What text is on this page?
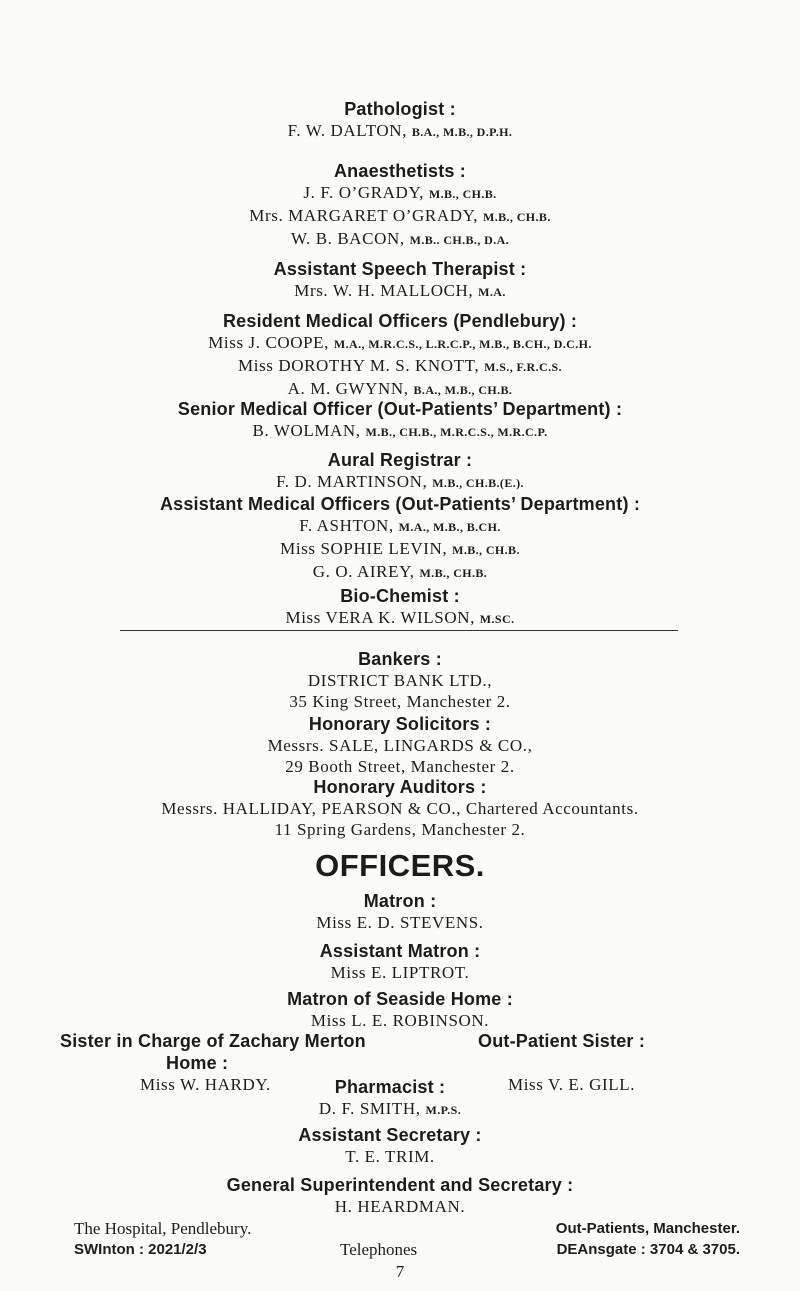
Pathologist :
F. W. DALTON, B.A., M.B., D.P.H.
Anaesthetists :
J. F. O’GRADY, M.B., CH.B.
Mrs. MARGARET O’GRADY, M.B., CH.B.
W. B. BACON, M.B.. CH.B., D.A.
Assistant Speech Therapist :
Mrs. W. H. MALLOCH, M.A.
Resident Medical Officers (Pendlebury) :
Miss J. COOPE, M.A., M.R.C.S., L.R.C.P., M.B., B.CH., D.C.H.
Miss DOROTHY M. S. KNOTT, M.S., F.R.C.S.
A. M. GWYNN, B.A., M.B., CH.B.
Senior Medical Officer (Out-Patients’ Department) :
B. WOLMAN, M.B., CH.B., M.R.C.S., M.R.C.P.
Aural Registrar :
F. D. MARTINSON, M.B., CH.B.(E.).
Assistant Medical Officers (Out-Patients’ Department) :
F. ASHTON, M.A., M.B., B.CH.
Miss SOPHIE LEVIN, M.B., CH.B.
G. O. AIREY, M.B., CH.B.
Bio-Chemist :
Miss VERA K. WILSON, M.SC.
Bankers :
DISTRICT BANK LTD.,
35 King Street, Manchester 2.
Honorary Solicitors :
Messrs. SALE, LINGARDS & CO.,
29 Booth Street, Manchester 2.
Honorary Auditors :
Messrs. HALLIDAY, PEARSON & CO., Chartered Accountants.
11 Spring Gardens, Manchester 2.
OFFICERS.
Matron :
Miss E. D. STEVENS.
Assistant Matron :
Miss E. LIPTROT.
Matron of Seaside Home :
Miss L. E. ROBINSON.
Sister in Charge of Zachary Merton
Home :
Miss W. HARDY.
Out-Patient Sister :
Miss V. E. GILL.
Pharmacist :
D. F. SMITH, M.P.S.
Assistant Secretary :
T. E. TRIM.
7
General Superintendent and Secretary :
H. HEARDMAN.
The Hospital, Pendlebury.
SWInton : 2021/2/3	Telephones
Out-Patients, Manchester.
DEAnsgate : 3704 & 3705.
